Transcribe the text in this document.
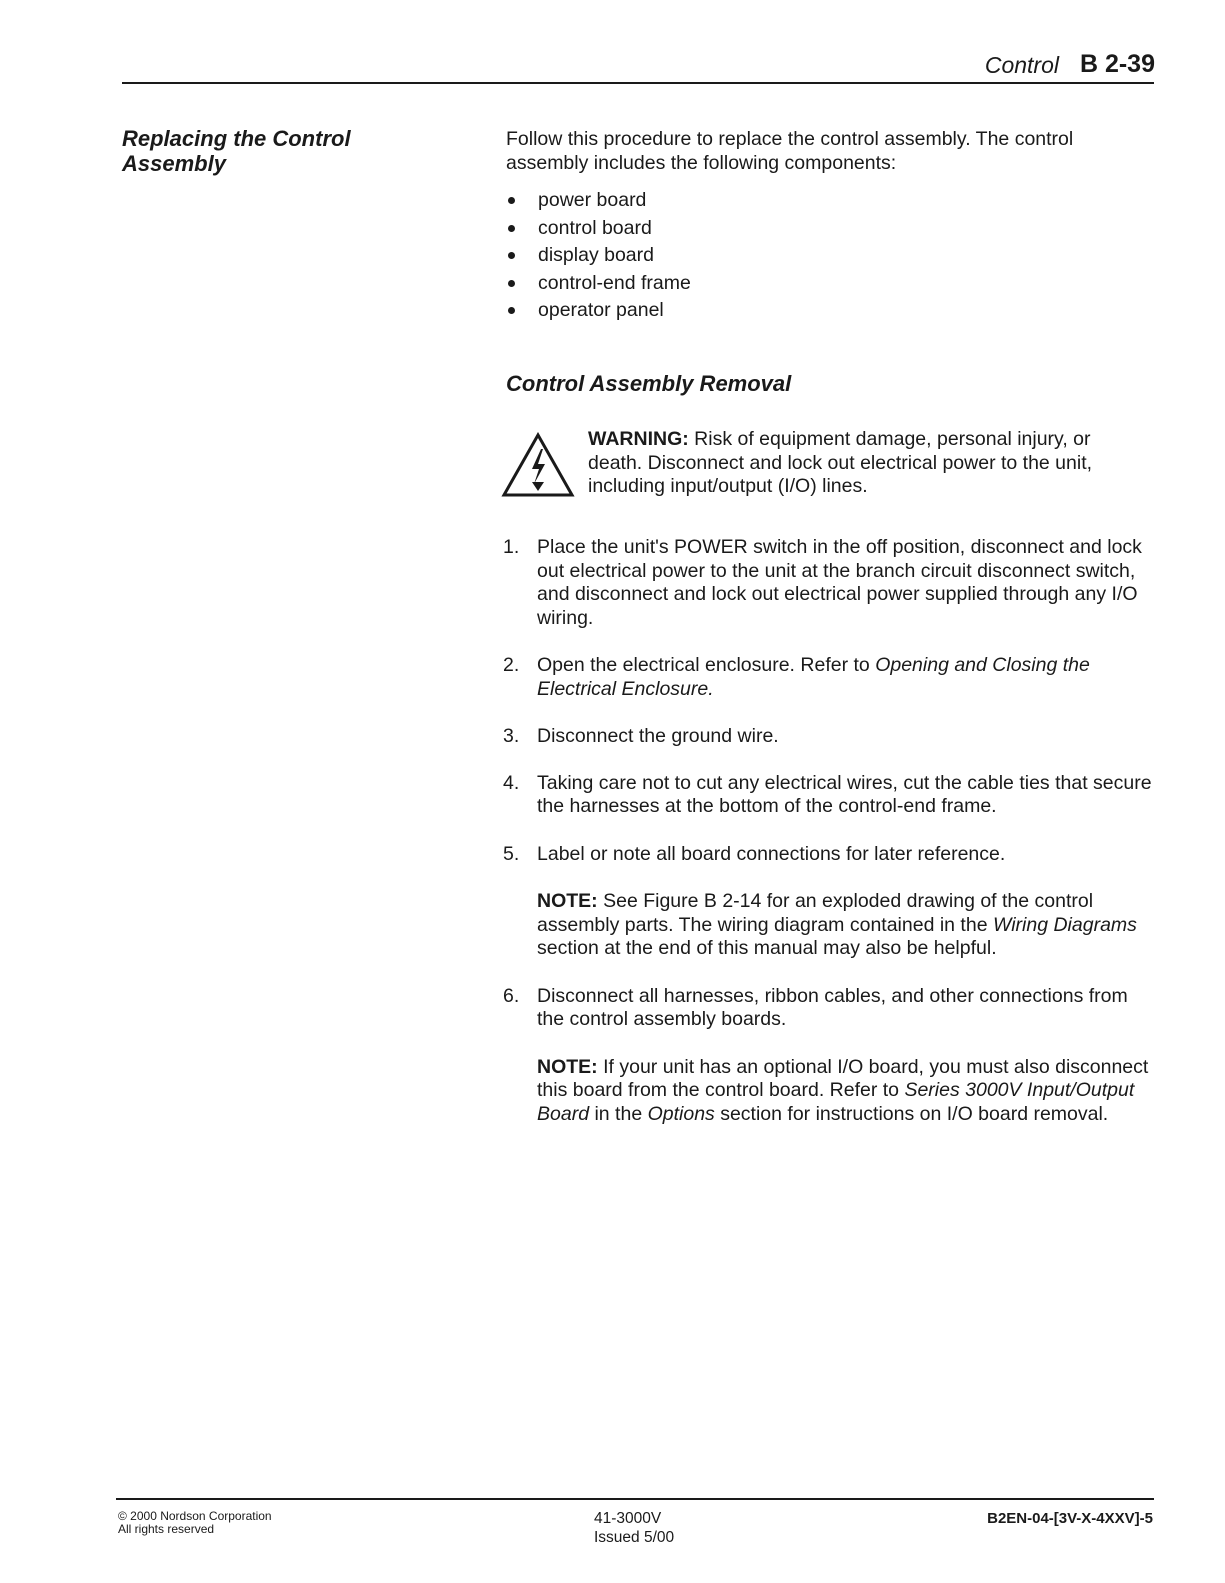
Control B 2-39
Replacing the Control Assembly
Follow this procedure to replace the control assembly. The control assembly includes the following components:
power board
control board
display board
control-end frame
operator panel
Control Assembly Removal
WARNING: Risk of equipment damage, personal injury, or death. Disconnect and lock out electrical power to the unit, including input/output (I/O) lines.
1. Place the unit's POWER switch in the off position, disconnect and lock out electrical power to the unit at the branch circuit disconnect switch, and disconnect and lock out electrical power supplied through any I/O wiring.
2. Open the electrical enclosure. Refer to Opening and Closing the Electrical Enclosure.
3. Disconnect the ground wire.
4. Taking care not to cut any electrical wires, cut the cable ties that secure the harnesses at the bottom of the control-end frame.
5. Label or note all board connections for later reference.
NOTE: See Figure B 2-14 for an exploded drawing of the control assembly parts. The wiring diagram contained in the Wiring Diagrams section at the end of this manual may also be helpful.
6. Disconnect all harnesses, ribbon cables, and other connections from the control assembly boards.
NOTE: If your unit has an optional I/O board, you must also disconnect this board from the control board. Refer to Series 3000V Input/Output Board in the Options section for instructions on I/O board removal.
© 2000 Nordson Corporation
All rights reserved
41-3000V
Issued 5/00
B2EN-04-[3V-X-4XXV]-5
